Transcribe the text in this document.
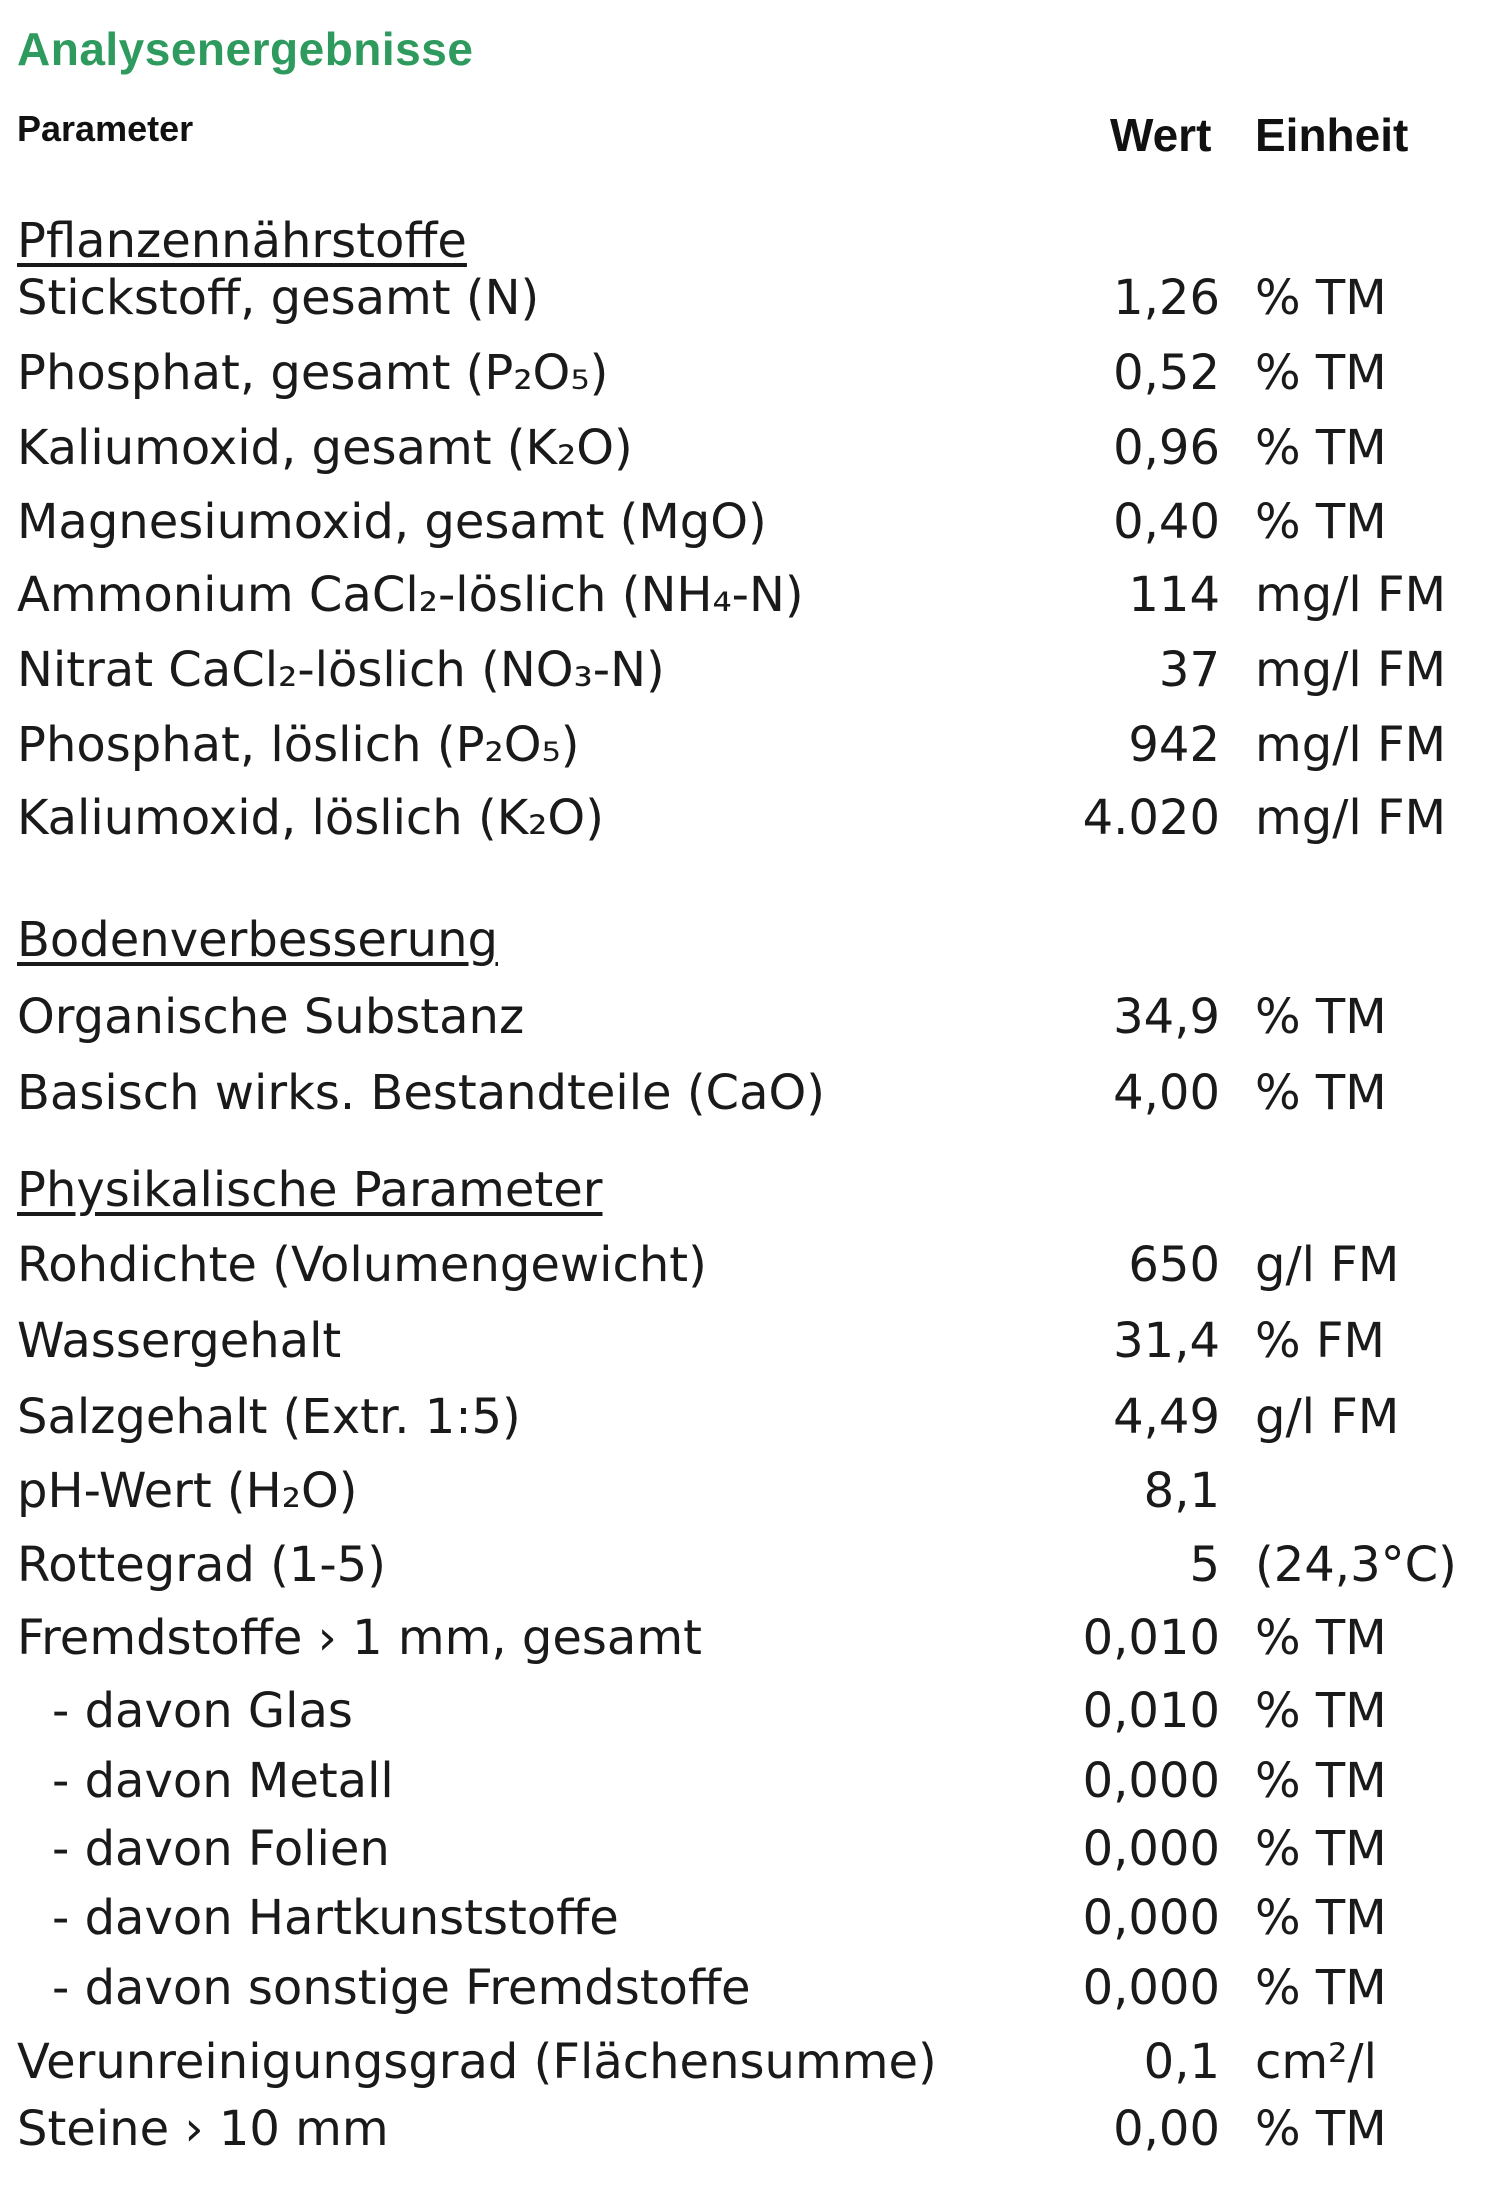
Analysenergebnisse
Parameter	Wert Einheit
Pflanzennährstoffe
Stickstoff, gesamt (N)	1,26 % TM
Phosphat, gesamt (P₂O₅)	0,52 % TM
Kaliumoxid, gesamt (K₂O)	0,96 % TM
Magnesiumoxid, gesamt (MgO)	0,40 % TM
Ammonium CaCl₂-löslich (NH₄-N)	114 mg/l FM
Nitrat CaCl₂-löslich (NO₃-N)	37 mg/l FM
Phosphat, löslich (P₂O₅)	942 mg/l FM
Kaliumoxid, löslich (K₂O)	4.020 mg/l FM
Bodenverbesserung
Organische Substanz	34,9 % TM
Basisch wirks. Bestandteile (CaO)	4,00 % TM
Physikalische Parameter
Rohdichte (Volumengewicht)	650 g/l FM
Wassergehalt	31,4 % FM
Salzgehalt (Extr. 1:5)	4,49 g/l FM
pH-Wert (H₂O)	8,1
Rottegrad (1-5)	5 (24,3°C)
Fremdstoffe › 1 mm, gesamt	0,010 % TM
- davon Glas	0,010 % TM
- davon Metall	0,000 % TM
- davon Folien	0,000 % TM
- davon Hartkunststoffe	0,000 % TM
- davon sonstige Fremdstoffe	0,000 % TM
Verunreinigungsgrad (Flächensumme)	0,1 cm²/l
Steine › 10 mm	0,00 % TM
